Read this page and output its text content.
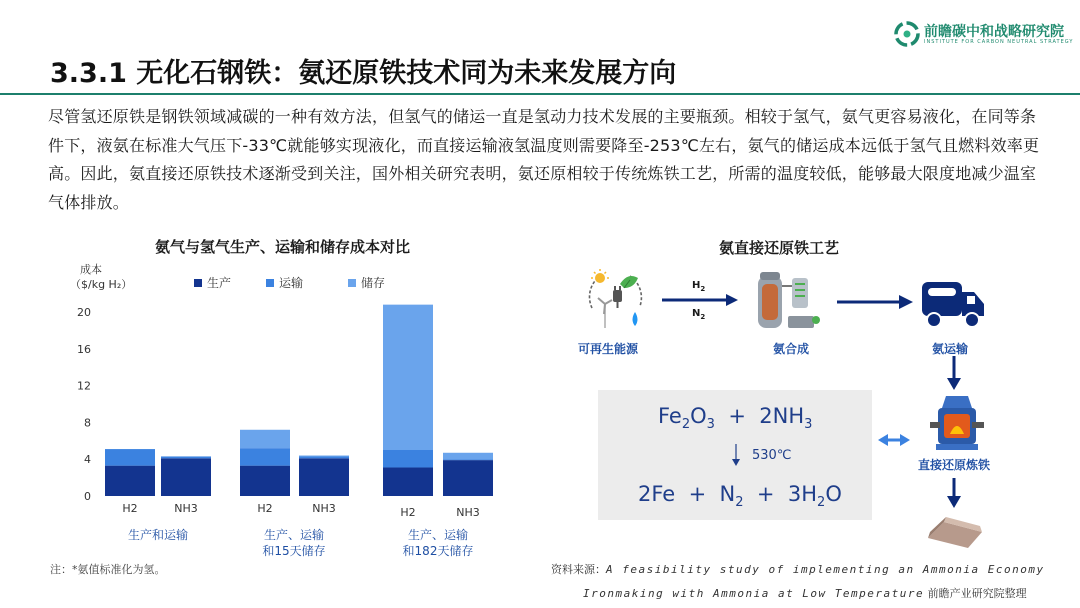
前瞻碳中和战略研究院
INSTITUTE FOR CARBON NEUTRAL STRATEGY
3.3.1 无化石钢铁：氨还原铁技术同为未来发展方向
尽管氢还原铁是钢铁领域减碳的一种有效方法，但氢气的储运一直是氢动力技术发展的主要瓶颈。相较于氢气，氨气更容易液化，在同等条件下，液氨在标准大气压下-33℃就能够实现液化，而直接运输液氢温度则需要降至-253℃左右，氨气的储运成本远低于氢气且燃料效率更高。因此，氨直接还原铁技术逐渐受到关注，国外相关研究表明，氨还原相较于传统炼铁工艺，所需的温度较低，能够最大限度地减少温室气体排放。
氨气与氢气生产、运输和储存成本对比
成本
（$/kg H₂）	生产	运输	储存
0
4
8
12
16
20
H2	NH3	H2	NH3	H2	NH3
生产和运输	生产、运输
和15天储存
生产、运输
和182天储存
注：*氨值标准化为氢。
氨直接还原铁工艺
可再生能源
$H_2$
$N_2$
氨合成	氨运输
直接还原炼铁
$Fe_2O_3 + 2NH_3$
530℃
$2Fe + N_2 + 3H_2O$
资料来源：A feasibility study of implementing an Ammonia Economy
Ironmaking with Ammonia at Low Temperature 前瞻产业研究院整理
